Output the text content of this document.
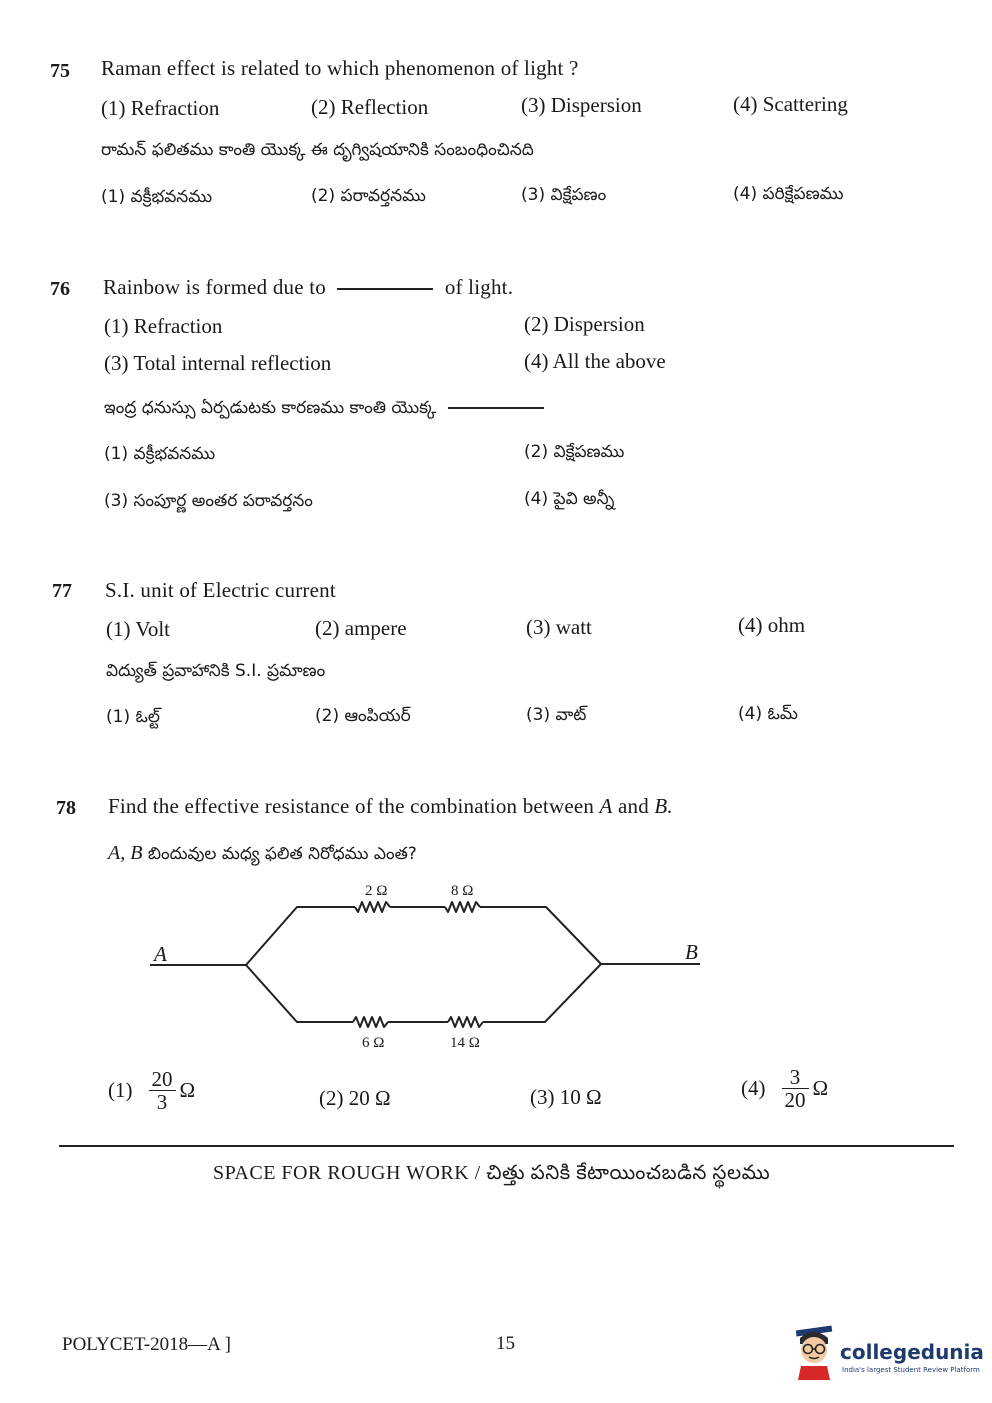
75 Raman effect is related to which phenomenon of light ?
(1) Refraction	(2) Reflection	(3) Dispersion	(4) Scattering
రామన్ ఫలితము కాంతి యొక్క ఈ దృగ్విషయానికి సంబంధించినది
(1) వక్రీభవనము	(2) పరావర్తనము	(3) విక్షేపణం	(4) పరిక్షేపణము
76 Rainbow is formed due to	of light.
(1) Refraction	(2) Dispersion
(3) Total internal reflection	(4) All the above
ఇంద్ర ధనుస్సు ఏర్పడుటకు కారణము కాంతి యొక్క
(1) వక్రీభవనము	(2) విక్షేపణము
(3) సంపూర్ణ అంతర పరావర్తనం	(4) పైవి అన్నీ
77 S.I. unit of Electric current
(1) Volt	(2) ampere	(3) watt	(4) ohm
విద్యుత్ ప్రవాహానికి S.I. ప్రమాణం
(1) ఓల్ట్	(2) ఆంపియర్	(3) వాట్	(4) ఓమ్
78 Find the effective resistance of the combination between A and B.
A, B బిందువుల మధ్య ఫలిత నిరోధము ఎంత?
A	B
2 Ω	8 Ω
6 Ω	14 Ω
$(1) \frac{20}{3}$ Ω	(2) 20 Ω	(3) 10 Ω	$(4) \frac{3}{20}$ Ω
SPACE FOR ROUGH WORK / చిత్తు పనికి కేటాయించబడిన స్థలము
POLYCET-2018—A ]	15	collegedunia
India's largest Student Review Platform
